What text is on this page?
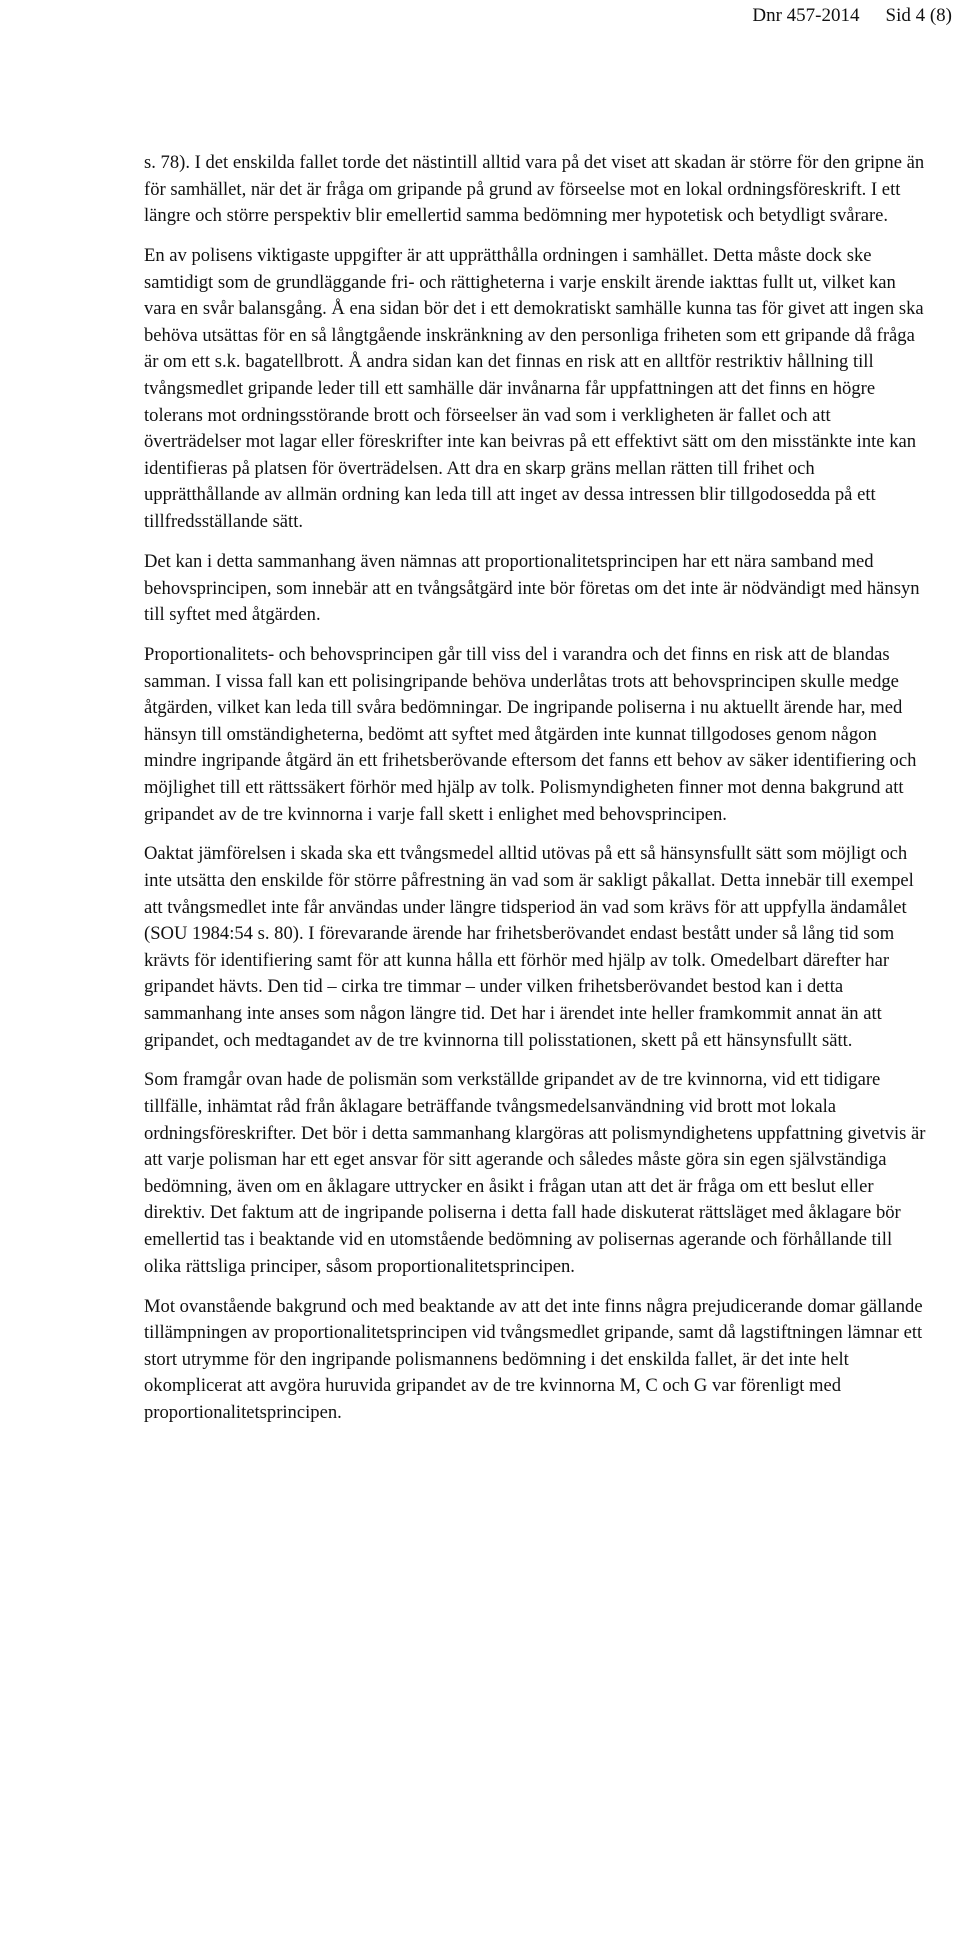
Dnr 457-2014 Sid 4 (8)

s. 78). I det enskilda fallet torde det nästintill alltid vara på det viset att skadan är större för den gripne än för samhället, när det är fråga om gripande på grund av förseelse mot en lokal ordningsföreskrift. I ett längre och större perspektiv blir emellertid samma bedömning mer hypotetisk och betydligt svårare.

En av polisens viktigaste uppgifter är att upprätthålla ordningen i samhället. Detta måste dock ske samtidigt som de grundläggande fri- och rättigheterna i varje enskilt ärende iakttas fullt ut, vilket kan vara en svår balansgång. Å ena sidan bör det i ett demokratiskt samhälle kunna tas för givet att ingen ska behöva utsättas för en så långtgående inskränkning av den personliga friheten som ett gripande då fråga är om ett s.k. bagatellbrott. Å andra sidan kan det finnas en risk att en alltför restriktiv hållning till tvångsmedlet gripande leder till ett samhälle där invånarna får uppfattningen att det finns en högre tolerans mot ordningsstörande brott och förseelser än vad som i verkligheten är fallet och att överträdelser mot lagar eller föreskrifter inte kan beivras på ett effektivt sätt om den misstänkte inte kan identifieras på platsen för överträdelsen. Att dra en skarp gräns mellan rätten till frihet och upprätthållande av allmän ordning kan leda till att inget av dessa intressen blir tillgodosedda på ett tillfredsställande sätt.

Det kan i detta sammanhang även nämnas att proportionalitetsprincipen har ett nära samband med behovsprincipen, som innebär att en tvångsåtgärd inte bör företas om det inte är nödvändigt med hänsyn till syftet med åtgärden.

Proportionalitets- och behovsprincipen går till viss del i varandra och det finns en risk att de blandas samman. I vissa fall kan ett polisingripande behöva underlåtas trots att behovsprincipen skulle medge åtgärden, vilket kan leda till svåra bedömningar. De ingripande poliserna i nu aktuellt ärende har, med hänsyn till omständigheterna, bedömt att syftet med åtgärden inte kunnat tillgodoses genom någon mindre ingripande åtgärd än ett frihetsberövande eftersom det fanns ett behov av säker identifiering och möjlighet till ett rättssäkert förhör med hjälp av tolk. Polismyndigheten finner mot denna bakgrund att gripandet av de tre kvinnorna i varje fall skett i enlighet med behovsprincipen.

Oaktat jämförelsen i skada ska ett tvångsmedel alltid utövas på ett så hänsynsfullt sätt som möjligt och inte utsätta den enskilde för större påfrestning än vad som är sakligt påkallat. Detta innebär till exempel att tvångsmedlet inte får användas under längre tidsperiod än vad som krävs för att uppfylla ändamålet (SOU 1984:54 s. 80). I förevarande ärende har frihetsberövandet endast bestått under så lång tid som krävts för identifiering samt för att kunna hålla ett förhör med hjälp av tolk. Omedelbart därefter har gripandet hävts. Den tid – cirka tre timmar – under vilken frihetsberövandet bestod kan i detta sammanhang inte anses som någon längre tid. Det har i ärendet inte heller framkommit annat än att gripandet, och medtagandet av de tre kvinnorna till polisstationen, skett på ett hänsynsfullt sätt.

Som framgår ovan hade de polismän som verkställde gripandet av de tre kvinnorna, vid ett tidigare tillfälle, inhämtat råd från åklagare beträffande tvångsmedelsanvändning vid brott mot lokala ordningsföreskrifter. Det bör i detta sammanhang klargöras att polismyndighetens uppfattning givetvis är att varje polisman har ett eget ansvar för sitt agerande och således måste göra sin egen självständiga bedömning, även om en åklagare uttrycker en åsikt i frågan utan att det är fråga om ett beslut eller direktiv. Det faktum att de ingripande poliserna i detta fall hade diskuterat rättsläget med åklagare bör emellertid tas i beaktande vid en utomstående bedömning av polisernas agerande och förhållande till olika rättsliga principer, såsom proportionalitetsprincipen.

Mot ovanstående bakgrund och med beaktande av att det inte finns några prejudicerande domar gällande tillämpningen av proportionalitetsprincipen vid tvångsmedlet gripande, samt då lagstiftningen lämnar ett stort utrymme för den ingripande polismannens bedömning i det enskilda fallet, är det inte helt okomplicerat att avgöra huruvida gripandet av de tre kvinnorna M, C och G var förenligt med proportionalitetsprincipen.
